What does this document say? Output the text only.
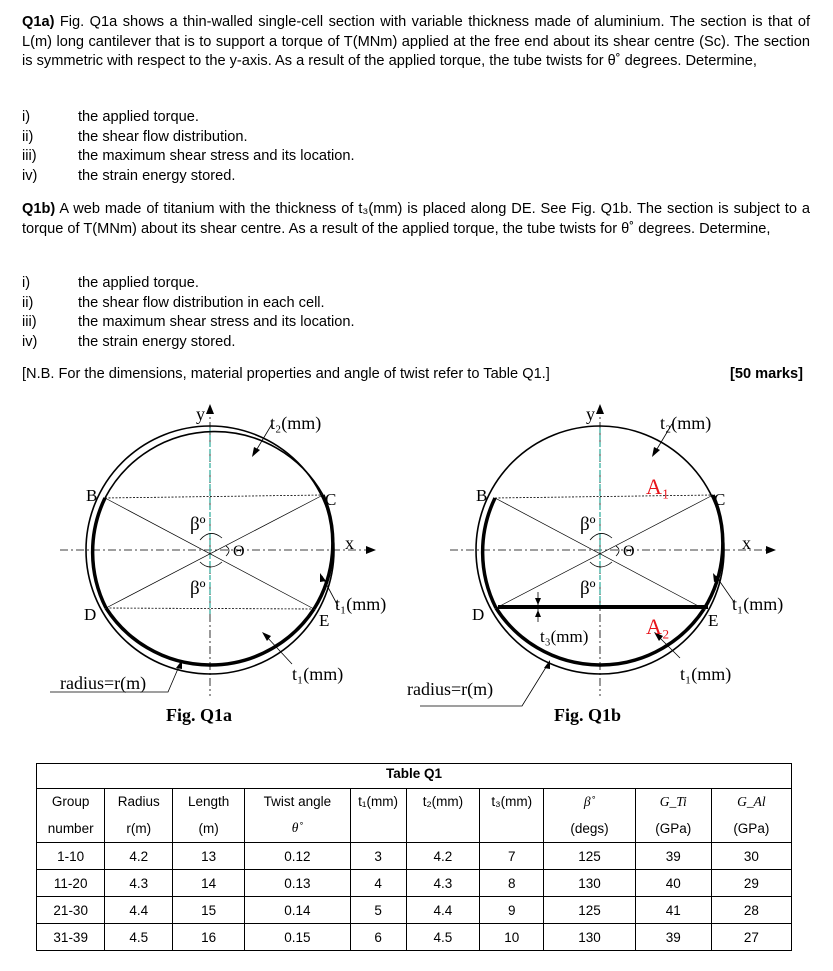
Q1a) Fig. Q1a shows a thin-walled single-cell section with variable thickness made of aluminium. The section is that of L(m) long cantilever that is to support a torque of T(MNm) applied at the free end about its shear centre (Sc). The section is symmetric with respect to the y-axis. As a result of the applied torque, the tube twists for θ˚ degrees. Determine,
i)	the applied torque.
ii)	the shear flow distribution.
iii)	the maximum shear stress and its location.
iv)	the strain energy stored.
Q1b) A web made of titanium with the thickness of t₃(mm) is placed along DE. See Fig. Q1b. The section is subject to a torque of T(MNm) about its shear centre. As a result of the applied torque, the tube twists for θ˚ degrees. Determine,
i)	the applied torque.
ii)	the shear flow distribution in each cell.
iii)	the maximum shear stress and its location.
iv)	the strain energy stored.
[N.B. For the dimensions, material properties and angle of twist refer to Table Q1.]	[50 marks]
y
x
B	C
D	E
t₂(mm)
t₁(mm)
t₁(mm)
βº
βº
Θ
radius=r(m)
Fig. Q1a
y
x
B	C
D	E
A₁
A₂
t₂(mm)
t₁(mm)
t₁(mm)
t₃(mm)
βº
βº
Θ
radius=r(m)
Fig. Q1b
Table Q1
Group	Radius	Length	Twist angle	t₁(mm)	t₂(mm)	t₃(mm)	β˚	G_Ti	G_Al
number	r(m)	(m)	θ˚				(degs)	(GPa)	(GPa)
1-10	4.2	13	0.12	3	4.2	7	125	39	30
11-20	4.3	14	0.13	4	4.3	8	130	40	29
21-30	4.4	15	0.14	5	4.4	9	125	41	28
31-39	4.5	16	0.15	6	4.5	10	130	39	27
